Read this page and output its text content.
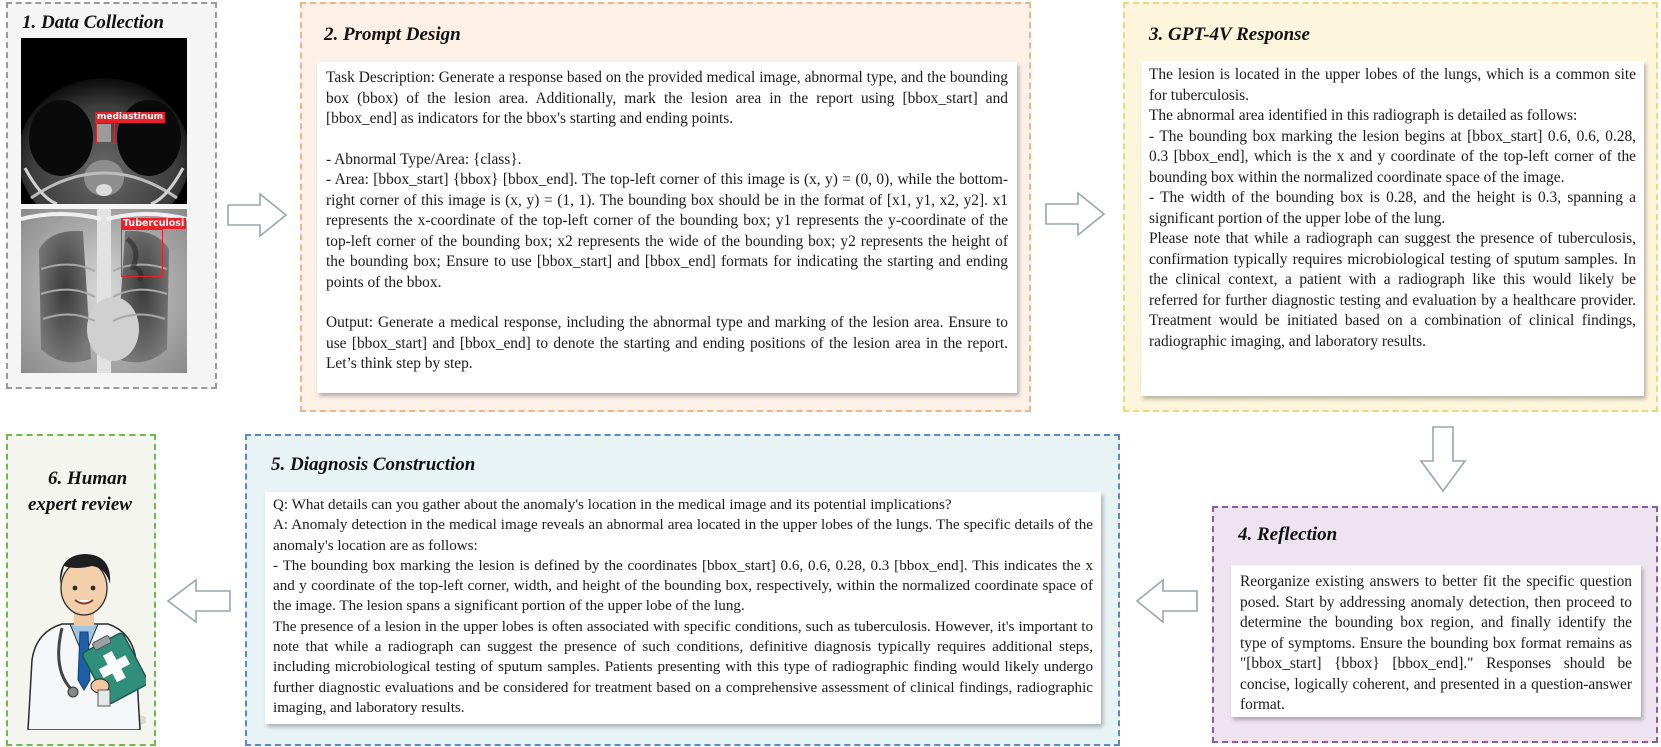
1. Data Collection
mediastinum
Tuberculosi
2. Prompt Design

Task Description: Generate a response based on the provided medical image, abnormal type, and the bounding box (bbox) of the lesion area. Additionally, mark the lesion area in the report using [bbox_start] and [bbox_end] as indicators for the bbox's starting and ending points.

- Abnormal Type/Area: {class}.

- Area: [bbox_start] {bbox} [bbox_end]. The top-left corner of this image is (x, y) = (0, 0), while the bottom-right corner of this image is (x, y) = (1, 1). The bounding box should be in the format of [x1, y1, x2, y2]. x1 represents the x-coordinate of the top-left corner of the bounding box; y1 represents the y-coordinate of the top-left corner of the bounding box; x2 represents the wide of the bounding box; y2 represents the height of the bounding box; Ensure to use [bbox_start] and [bbox_end] formats for indicating the starting and ending points of the bbox.

Output: Generate a medical response, including the abnormal type and marking of the lesion area. Ensure to use [bbox_start] and [bbox_end] to denote the starting and ending positions of the lesion area in the report. Let’s think step by step.

3. GPT-4V Response

The lesion is located in the upper lobes of the lungs, which is a common site for tuberculosis.

The abnormal area identified in this radiograph is detailed as follows:

- The bounding box marking the lesion begins at [bbox_start] 0.6, 0.6, 0.28, 0.3 [bbox_end], which is the x and y coordinate of the top-left corner of the bounding box within the normalized coordinate space of the image.

- The width of the bounding box is 0.28, and the height is 0.3, spanning a significant portion of the upper lobe of the lung.

Please note that while a radiograph can suggest the presence of tuberculosis, confirmation typically requires microbiological testing of sputum samples. In the clinical context, a patient with a radiograph like this would likely be referred for further diagnostic testing and evaluation by a healthcare provider. Treatment would be initiated based on a combination of clinical findings, radiographic imaging, and laboratory results.

4. Reflection

Reorganize existing answers to better fit the specific question posed. Start by addressing anomaly detection, then proceed to determine the bounding box region, and finally identify the type of symptoms. Ensure the bounding box format remains as "[bbox_start] {bbox} [bbox_end]." Responses should be concise, logically coherent, and presented in a question-answer format.

5. Diagnosis Construction

Q: What details can you gather about the anomaly's location in the medical image and its potential implications?

A: Anomaly detection in the medical image reveals an abnormal area located in the upper lobes of the lungs. The specific details of the anomaly's location are as follows:

- The bounding box marking the lesion is defined by the coordinates [bbox_start] 0.6, 0.6, 0.28, 0.3 [bbox_end]. This indicates the x and y coordinate of the top-left corner, width, and height of the bounding box, respectively, within the normalized coordinate space of the image. The lesion spans a significant portion of the upper lobe of the lung.

The presence of a lesion in the upper lobes is often associated with specific conditions, such as tuberculosis. However, it's important to note that while a radiograph can suggest the presence of such conditions, definitive diagnosis typically requires additional steps, including microbiological testing of sputum samples. Patients presenting with this type of radiographic finding would likely undergo further diagnostic evaluations and be considered for treatment based on a comprehensive assessment of clinical findings, radiographic imaging, and laboratory results.

6. Human
expert review
